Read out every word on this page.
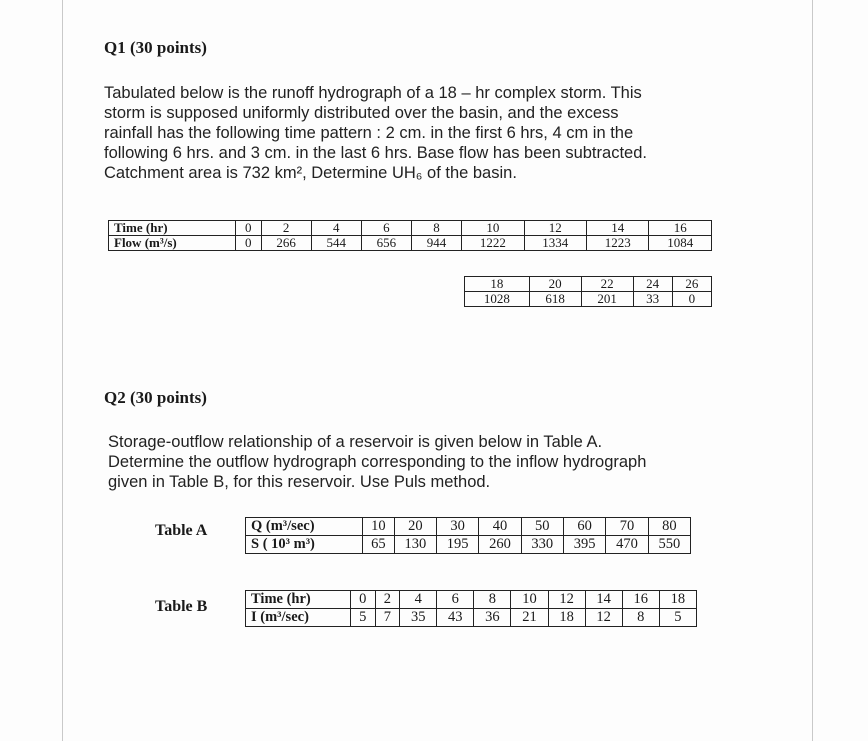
Q1 (30 points)
Tabulated below is the runoff hydrograph of a 18 – hr complex storm. This
storm is supposed uniformly distributed over the basin, and the excess
rainfall has the following time pattern : 2 cm. in the first 6 hrs, 4 cm in the
following 6 hrs. and 3 cm. in the last 6 hrs. Base flow has been subtracted.
Catchment area is 732 km², Determine UH₆ of the basin.
Time (hr)	0	2	4	6	8	10	12	14	16
Flow (m³/s)	0	266	544	656	944	1222	1334	1223	1084
18	20	22	24	26
1028	618	201	33	0
Q2 (30 points)
Storage-outflow relationship of a reservoir is given below in Table A.
Determine the outflow hydrograph corresponding to the inflow hydrograph
given in Table B, for this reservoir. Use Puls method.
Table A	Q (m³/sec)	10	20	30	40	50	60	70	80
S ( 10³ m³)	65	130	195	260	330	395	470	550
Table B	Time (hr)	0	2	4	6	8	10	12	14	16	18
I (m³/sec)	5	7	35	43	36	21	18	12	8	5
